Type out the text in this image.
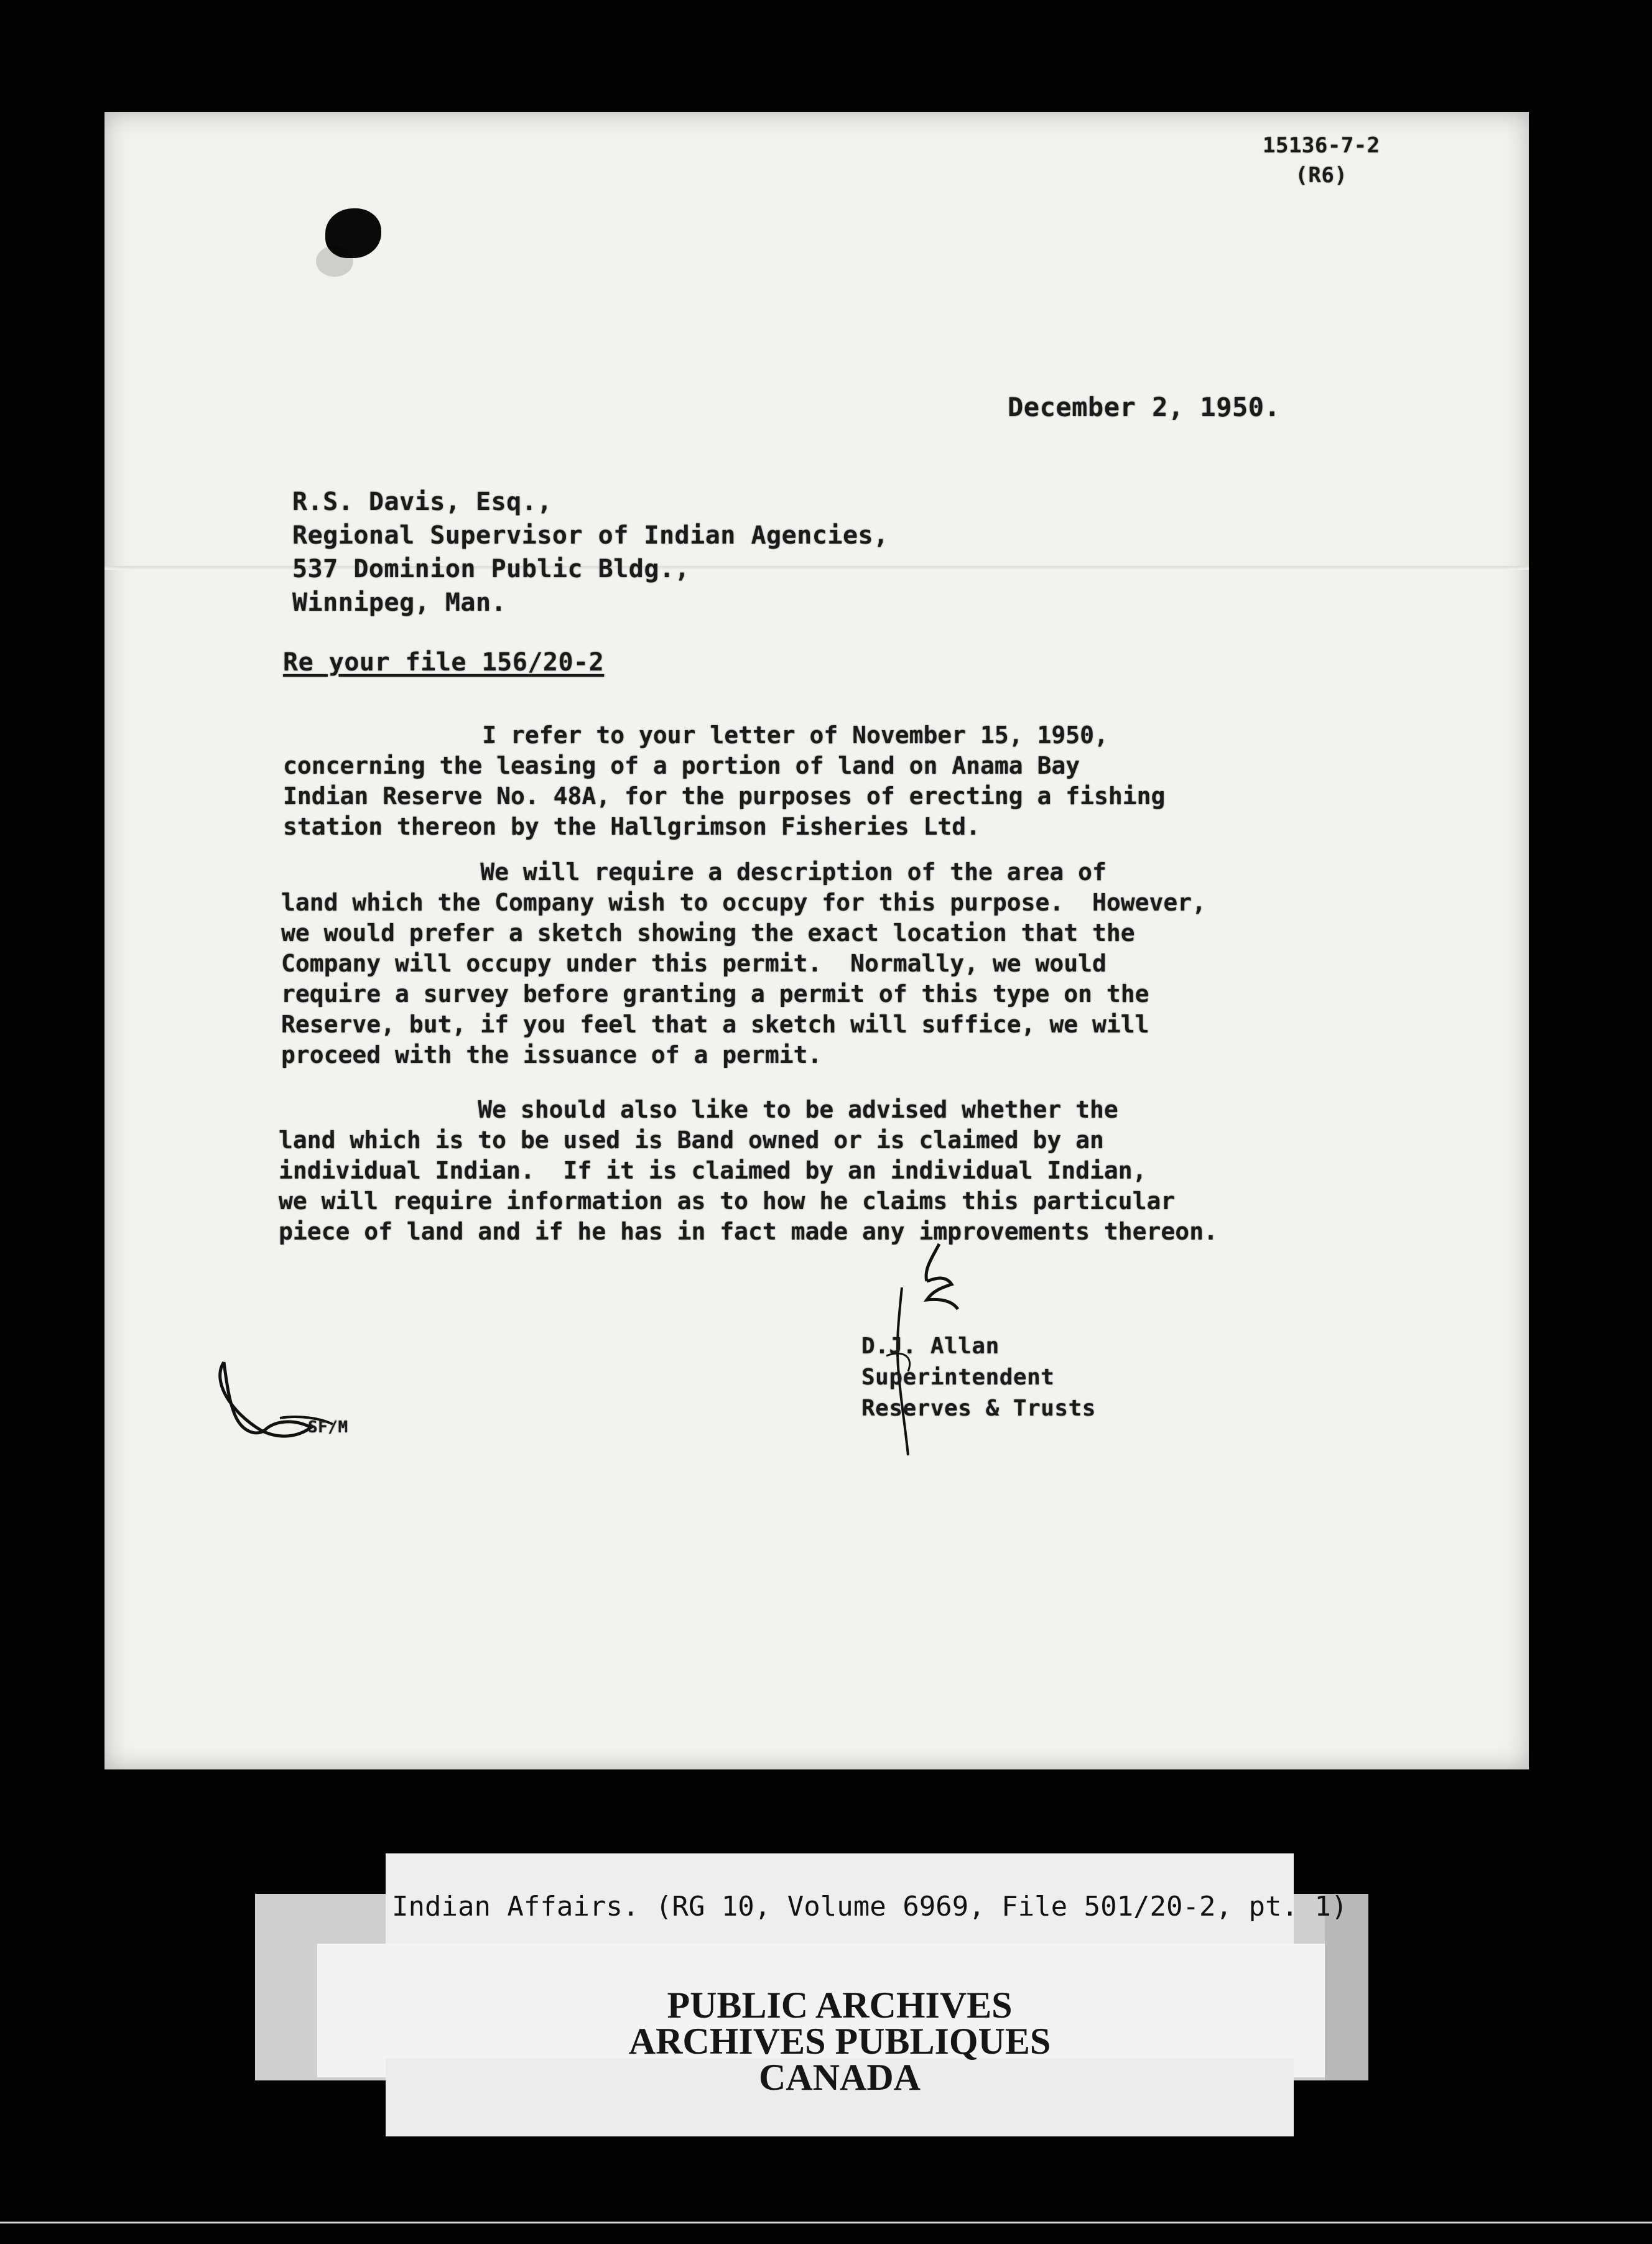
15136-7-2
(R6)
December 2, 1950.
R.S. Davis, Esq.,
Regional Supervisor of Indian Agencies,
537 Dominion Public Bldg.,
Winnipeg, Man.
Re your file 156/20-2
I refer to your letter of November 15, 1950,
concerning the leasing of a portion of land on Anama Bay
Indian Reserve No. 48A, for the purposes of erecting a fishing
station thereon by the Hallgrimson Fisheries Ltd.
We will require a description of the area of
land which the Company wish to occupy for this purpose.  However,
we would prefer a sketch showing the exact location that the
Company will occupy under this permit.  Normally, we would
require a survey before granting a permit of this type on the
Reserve, but, if you feel that a sketch will suffice, we will
proceed with the issuance of a permit.
We should also like to be advised whether the
land which is to be used is Band owned or is claimed by an
individual Indian.  If it is claimed by an individual Indian,
we will require information as to how he claims this particular
piece of land and if he has in fact made any improvements thereon.
D.J. Allan
Superintendent
Reserves & Trusts
SF/M
Indian Affairs. (RG 10, Volume 6969, File 501/20-2, pt. 1)
PUBLIC ARCHIVES
ARCHIVES PUBLIQUES
CANADA
